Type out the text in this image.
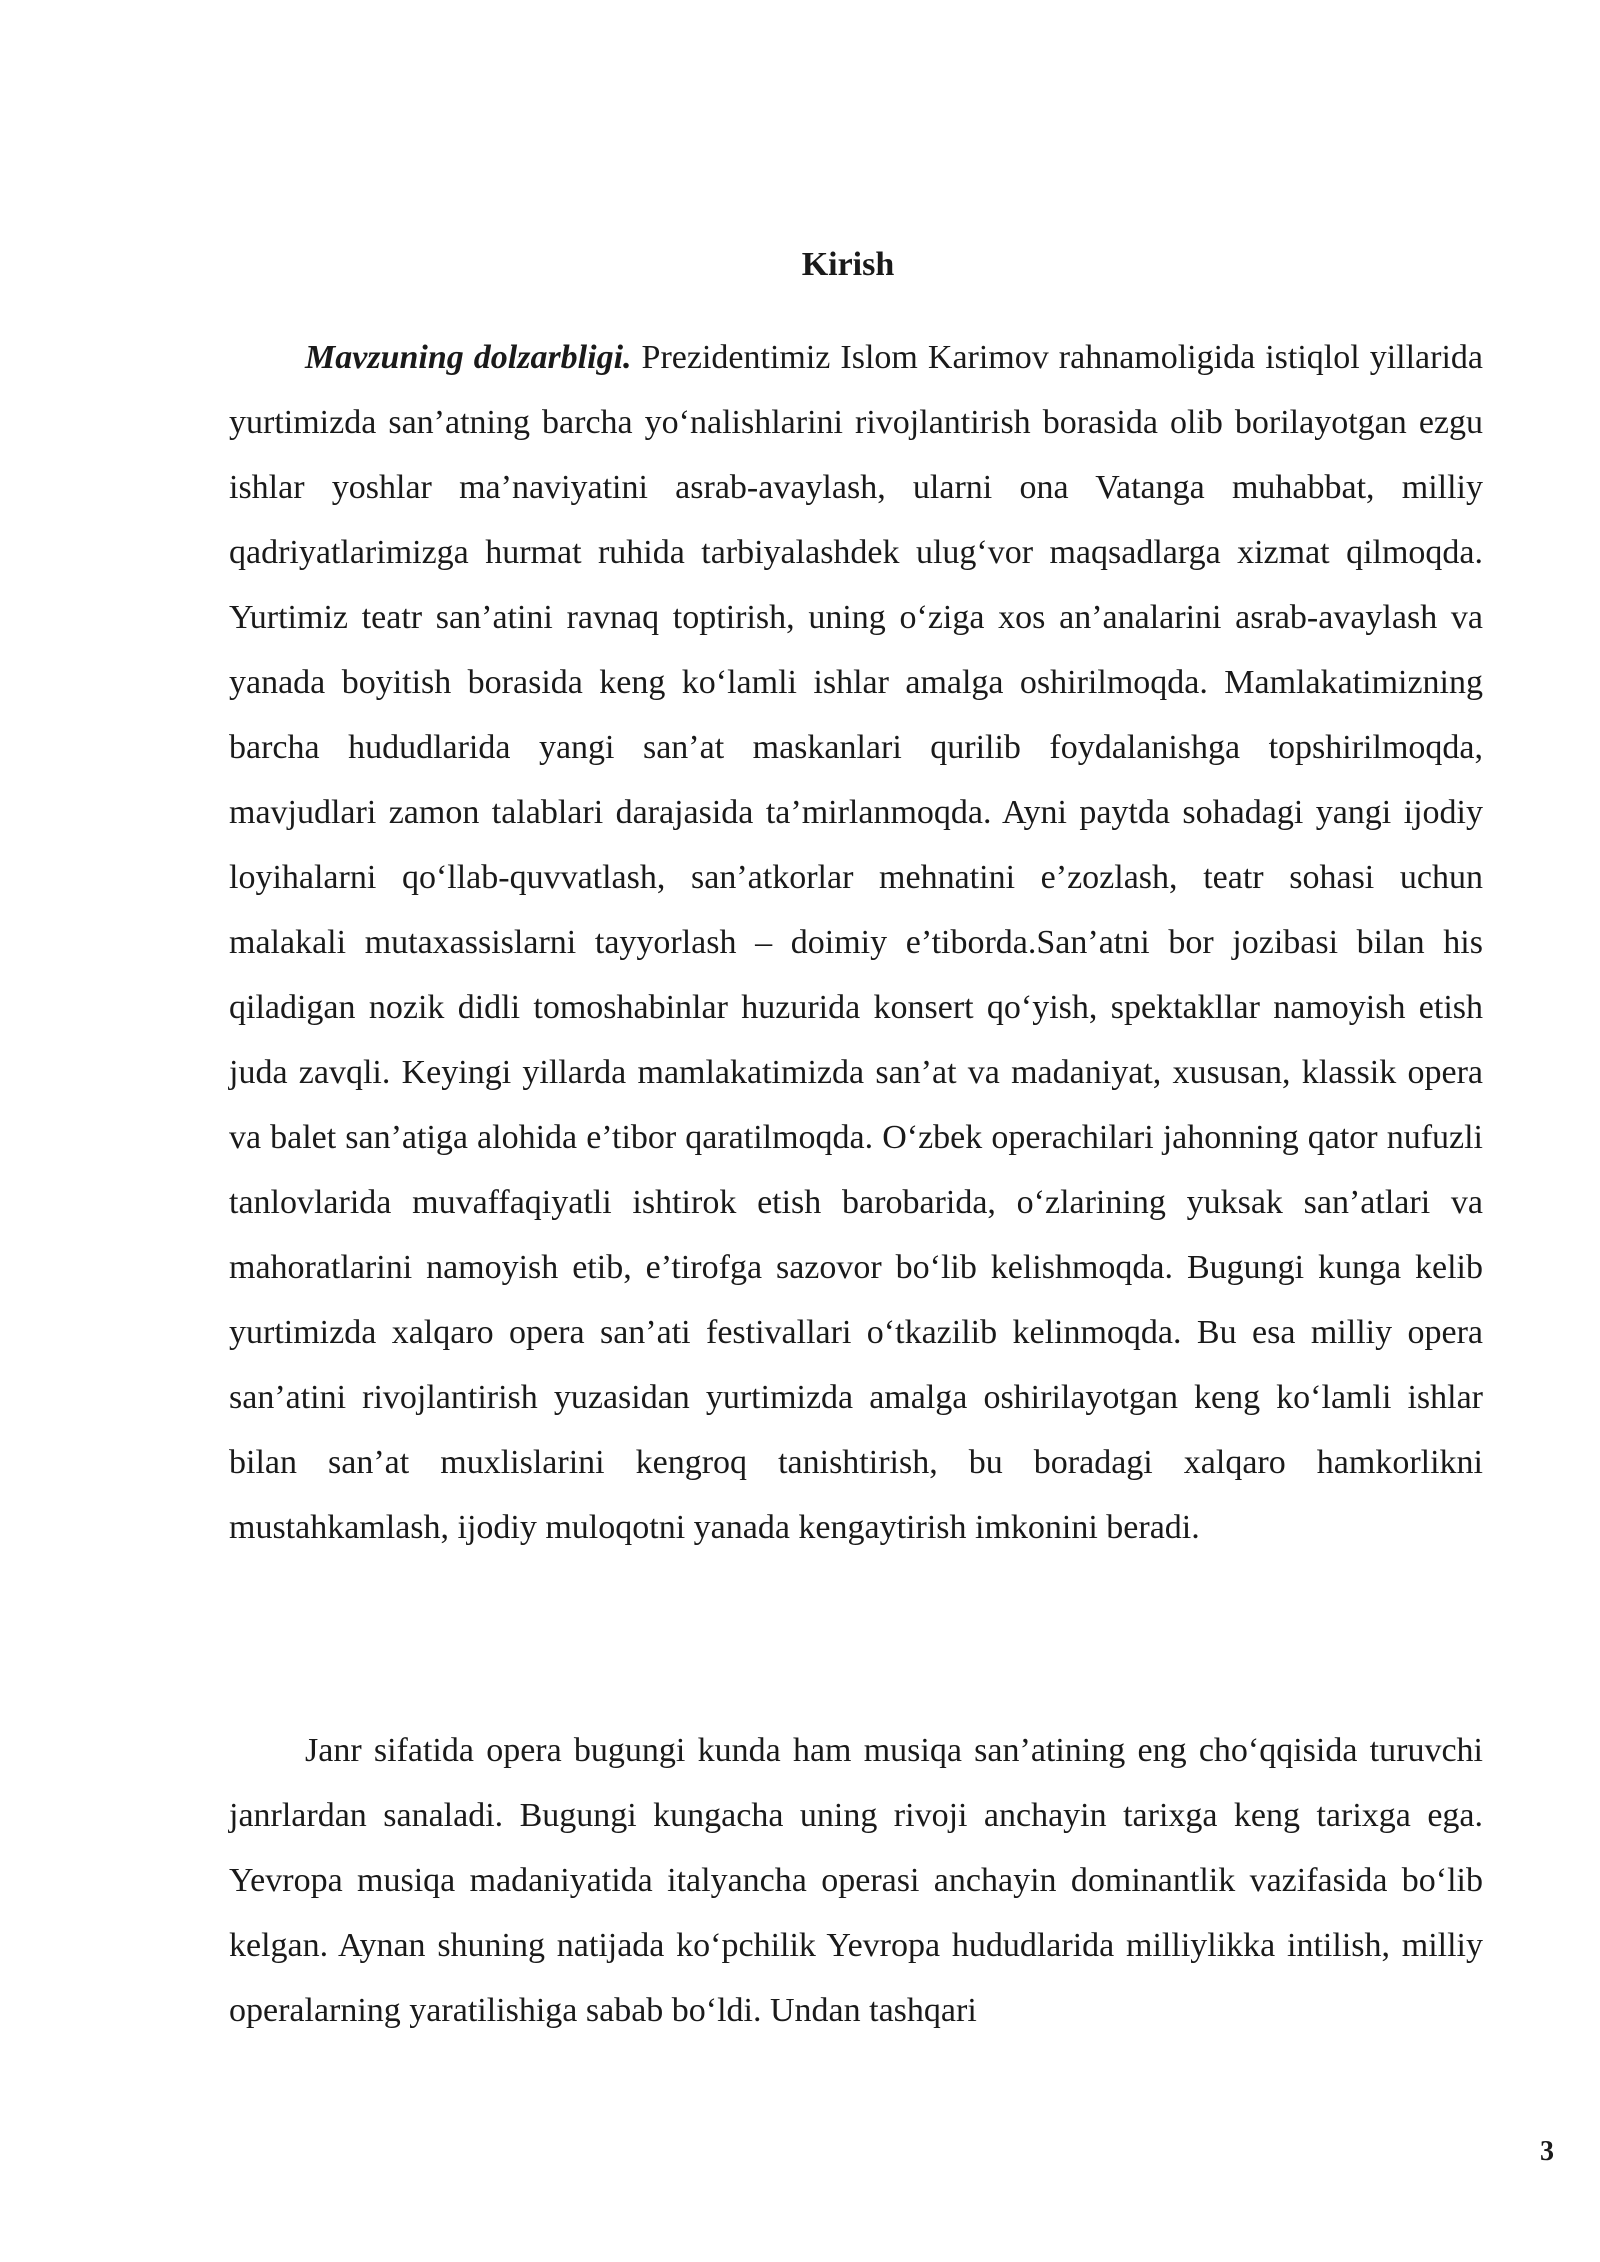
Kirish

Mavzuning dolzarbligi. Prezidentimiz Islom Karimov rahnamoligida istiqlol yillarida yurtimizda san’atning barcha yo‘nalishlarini rivojlantirish borasida olib borilayotgan ezgu ishlar yoshlar ma’naviyatini asrab-avaylash, ularni ona Vatanga muhabbat, milliy qadriyatlarimizga hurmat ruhida tarbiyalashdek ulug‘vor maqsadlarga xizmat qilmoqda. Yurtimiz teatr san’atini ravnaq toptirish, uning o‘ziga xos an’analarini asrab-avaylash va yanada boyitish borasida keng ko‘lamli ishlar amalga oshirilmoqda. Mamlakatimizning barcha hududlarida yangi san’at maskanlari qurilib foydalanishga topshirilmoqda, mavjudlari zamon talablari darajasida ta’mirlanmoqda. Ayni paytda sohadagi yangi ijodiy loyihalarni qo‘llab-quvvatlash, san’atkorlar mehnatini e’zozlash, teatr sohasi uchun malakali mutaxassislarni tayyorlash – doimiy e’tiborda.San’atni bor jozibasi bilan his qiladigan nozik didli tomoshabinlar huzurida konsert qo‘yish, spektakllar namoyish etish juda zavqli. Keyingi yillarda mamlakatimizda san’at va madaniyat, xususan, klassik opera va balet san’atiga alohida e’tibor qaratilmoqda. O‘zbek operachilari jahonning qator nufuzli tanlovlarida muvaffaqiyatli ishtirok etish barobarida, o‘zlarining yuksak san’atlari va mahoratlarini namoyish etib, e’tirofga sazovor bo‘lib kelishmoqda. Bugungi kunga kelib yurtimizda xalqaro opera san’ati festivallari o‘tkazilib kelinmoqda. Bu esa milliy opera san’atini rivojlantirish yuzasidan yurtimizda amalga oshirilayotgan keng ko‘lamli ishlar bilan san’at muxlislarini kengroq tanishtirish, bu boradagi xalqaro hamkorlikni mustahkamlash, ijodiy muloqotni yanada kengaytirish imkonini beradi.

Janr sifatida opera bugungi kunda ham musiqa san’atining eng cho‘qqisida turuvchi janrlardan sanaladi. Bugungi kungacha uning rivoji anchayin tarixga keng tarixga ega. Yevropa musiqa madaniyatida italyancha operasi anchayin dominantlik vazifasida bo‘lib kelgan. Aynan shuning natijada ko‘pchilik Yevropa hududlarida milliylikka intilish, milliy operalarning yaratilishiga sabab bo‘ldi. Undan tashqari

3
